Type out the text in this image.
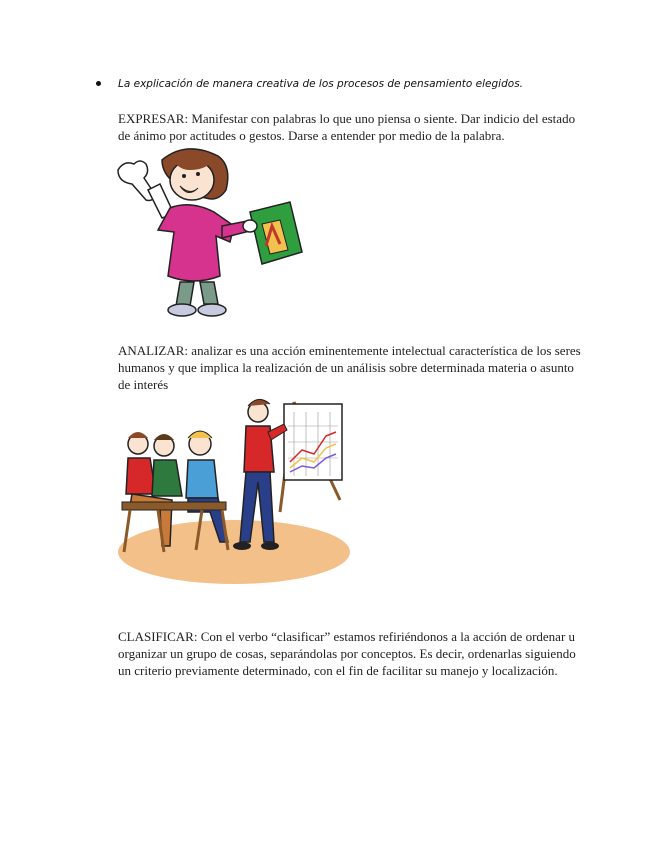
La explicación de manera creativa de los procesos de pensamiento elegidos.
EXPRESAR: Manifestar con palabras lo que uno piensa o siente. Dar indicio del estado de ánimo por actitudes o gestos. Darse a entender por medio de la palabra.
ANALIZAR: analizar es una acción eminentemente intelectual característica de los seres humanos y que implica la realización de un análisis sobre determinada materia o asunto de interés
CLASIFICAR: Con el verbo “clasificar” estamos refiriéndonos a la acción de ordenar u organizar un grupo de cosas, separándolas por conceptos. Es decir, ordenarlas siguiendo un criterio previamente determinado, con el fin de facilitar su manejo y localización.
